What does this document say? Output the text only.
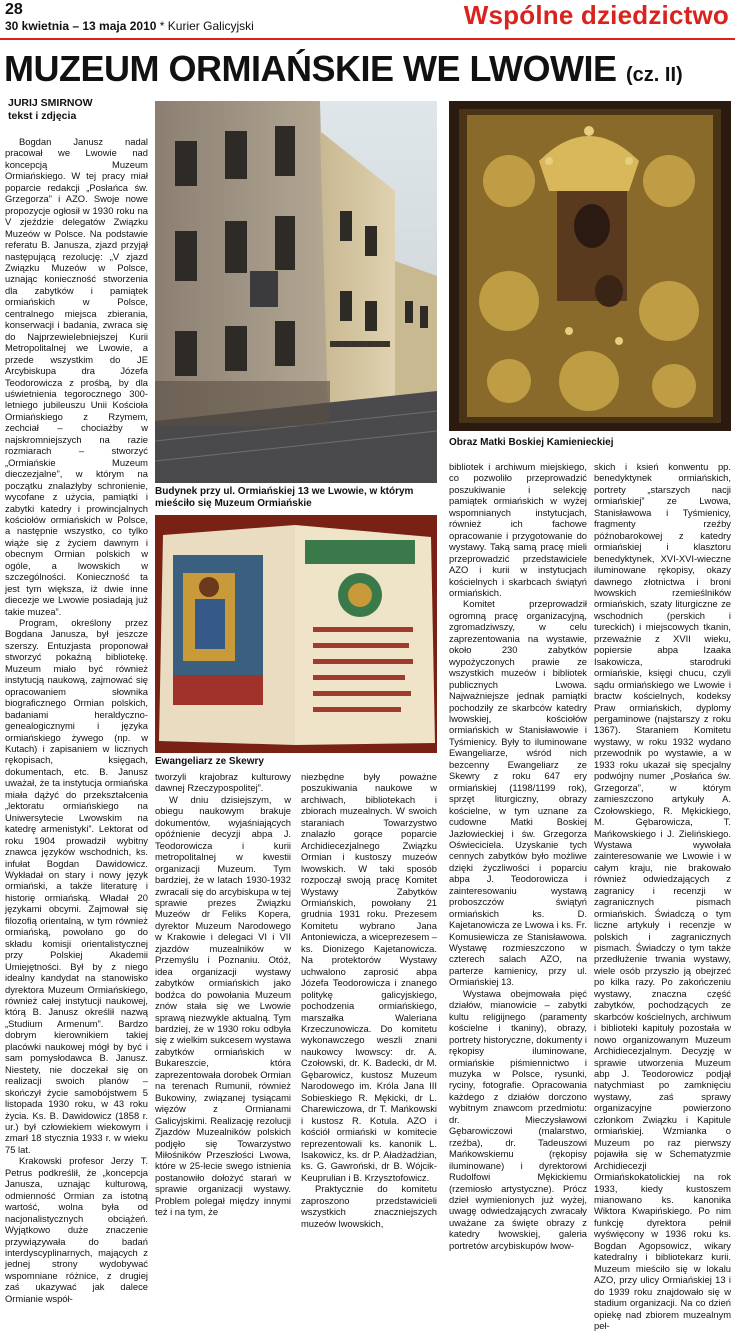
28
30 kwietnia – 13 maja 2010 * Kurier Galicyjski	Wspólne dziedzictwo
MUZEUM ORMIAŃSKIE WE LWOWIE (cz. II)
JURIJ SMIRNOW
tekst i zdjęcia

Bogdan Janusz nadal pracował we Lwowie nad koncepcją Muzeum Ormiańskiego. W tej pracy miał poparcie redakcji „Posłańca św. Grzegorza” i AZO. Swoje nowe propozycje ogłosił w 1930 roku na V zjeździe delegatów Związku Muzeów w Polsce. Na podstawie referatu B. Janusza, zjazd przyjął następującą rezolucję: „V zjazd Związku Muzeów w Polsce, uznając konieczność stworzenia dla zabytków i pamiątek ormiańskich w Polsce, centralnego miejsca zbierania, konserwacji i badania, zwraca się do Najprzewielebniejszej Kurii Metropolitalnej we Lwowie, a przede wszystkim do JE Arcybiskupa dra Józefa Teodorowicza z prośbą, by dla uświetnienia tegorocznego 300-letniego jubileuszu Unii Kościoła Ormiańskiego z Rzymem, zechciał – chociażby w najskromniejszych na razie rozmiarach – stworzyć „Ormiańskie Muzeum dieczezjalne”, w którym na początku znalazłyby schronienie, wycofane z użycia, pamiątki i zabytki katedry i prowincjalnych kościołów ormiańskich w Polsce, a następnie wszystko, co tylko wiąże się z życiem dawnym i obecnym Ormian polskich w ogóle, a lwowskich w szczególności. Konieczność ta jest tym większa, iż dwie inne diecezje we Lwowie posiadają już takie muzea”.

Program, określony przez Bogdana Janusza, był jeszcze szerszy. Entuzjasta proponował stworzyć pokaźną bibliotekę. Muzeum miało być również instytucją naukową, zajmować się opracowaniem słownika biograficznego Ormian polskich, badaniami heraldyczno-genealogicznymi i języka ormiańskiego żywego (np. w Kutach) i zapisaniem w licznych rękopisach, księgach, dokumentach, etc. B. Janusz uważał, że ta instytucja ormiańska miała dążyć do przekształcenia „lektoratu ormiańskiego na Uniwersytecie Lwowskim na katedrę armenistyki”. Lektorat od roku 1904 prowadził wybitny znawca języków wschodnich, ks. infułat Bogdan Dawidowicz. Wykładał on stary i nowy język ormiański, a także literaturę i historię ormiańską. Władał 20 językami obcymi. Zajmował się filozofią orientalną, w tym również ormiańską, powołano go do składu komisji orientalistycznej przy Polskiej Akademii Umiejętności. Był by z niego idealny kandydat na stanowisko dyrektora Muzeum Ormiańskiego, również całej instytucji naukowej, którą B. Janusz określił nazwą „Studium Armenum”. Bardzo dobrym kierownikiem takiej placówki naukowej mógł by być i sam pomysłodawca B. Janusz. Niestety, nie doczekał się on realizacji swoich planów – skończył życie samobójstwem 5 listopada 1930 roku, w 43 roku życia. Ks. B. Dawidowicz (1858 r. ur.) był człowiekiem wiekowym i zmarł 18 stycznia 1933 r. w wieku 75 lat.

Krakowski profesor Jerzy T. Petrus podkreślił, że „koncepcja Janusza, uznając kulturową, odmienność Ormian za istotną wartość, wolna była od nacjonalistycznych obciążeń. Wyjątkowo duże znaczenie przywiązywała do badań interdyscyplinarnych, mających z jednej strony wydobywać wspomniane różnice, z drugiej zaś ukazywać jak dalece Ormianie współ-

Budynek przy ul. Ormiańskiej 13 we Lwowie, w którym mieściło się Muzeum Ormiańskie
Ewangeliarz ze Skewry
Obraz Matki Boskiej Kamienieckiej

tworzyli krajobraz kulturowy dawnej Rzeczypospolitej”.

W dniu dzisiejszym, w obiegu naukowym brakuje dokumentów, wyjaśniających opóźnienie decyzji abpa J. Teodorowicza i kurii metropolitalnej w kwestii organizacji Muzeum. Tym bardziej, że w latach 1930-1932 zwracali się do arcybiskupa w tej sprawie prezes Związku Muzeów dr Feliks Kopera, dyrektor Muzeum Narodowego w Krakowie i delegaci VI i VII zjazdów muzealników w Przemyślu i Poznaniu. Otóż, idea organizacji wystawy zabytków ormiańskich jako bodźca do powołania Muzeum znów stała się we Lwowie sprawą niezwykle aktualną. Tym bardziej, że w 1930 roku odbyła się z wielkim sukcesem wystawa zabytków ormiańskich w Bukareszcie, która zaprezentowała dorobek Ormian na terenach Rumunii, również Bukowiny, związanej tysiącami więzów z Ormianami Galicyjskimi. Realizację rezolucji Zjazdów Muzealników polskich podjęło się Towarzystwo Miłośników Przeszłości Lwowa, które w 25-lecie swego istnienia postanowiło dołożyć starań w sprawie organizacji wystawy. Problem polegał między innymi też i na tym, że

niezbędne były poważne poszukiwania naukowe w archiwach, bibliotekach i zbiorach muzealnych. W swoich staraniach Towarzystwo znalazło gorące poparcie Archidiecezjalnego Związku Ormian i kustoszy muzeów lwowskich. W taki sposób rozpoczął swoją pracę Komitet Wystawy Zabytków Ormiańskich, powołany 21 grudnia 1931 roku. Prezesem Komitetu wybrano Jana Antoniewicza, a wiceprezesem – ks. Dionizego Kajetanowicza. Na protektorów Wystawy uchwalono zaprosić abpa Józefa Teodorowicza i znanego politykę galicyjskiego, pochodzenia ormiańskiego, marszałka Waleriana Krzeczunowicza. Do komitetu wykonawczego weszli znani naukowcy lwowscy: dr. A. Czołowski, dr. K. Badecki, dr M. Gębarowicz, kustosz Muzeum Narodowego im. Króla Jana III Sobieskiego R. Mękicki, dr L. Charewiczowa, dr T. Mańkowski i kustosz R. Kotula. AZO i kościół ormiański w komitecie reprezentowali ks. kanonik L. Isakowicz, ks. dr P. Aładżadżian, ks. G. Gawroński, dr B. Wójcik-Keuprulian i B. Krzysztofowicz.

Praktycznie do komitetu zaproszono przedstawicieli wszystkich znaczniejszych muzeów lwowskich,

bibliotek i archiwum miejskiego, co pozwoliło przeprowadzić poszukiwanie i selekcję pamiątek ormiańskich w wyżej wspomnianych instytucjach, również ich fachowe opracowanie i przygotowanie do wystawy. Taką samą pracę mieli przeprowadzić przedstawiciele AZO i kurii w instytucjach kościelnych i skarbcach świątyń ormiańskich.

Komitet przeprowadził ogromną pracę organizacyjną, zgromadziwszy, w celu zaprezentowania na wystawie, około 230 zabytków wypożyczonych prawie ze wszystkich muzeów i bibliotek publicznych Lwowa. Najważniejsze jednak pamiątki pochodziły ze skarbców katedry lwowskiej, kościołów ormiańskich w Stanisławowie i Tyśmienicy. Były to iluminowane Ewangeliarze, wśród nich bezcenny Ewangeliarz ze Skewry z roku 647 ery ormiańskiej (1198/1199 rok), sprzęt liturgiczny, obrazy kościelne, w tym uznane za cudowne Matki Boskiej Jazłowieckiej i św. Grzegorza Oświeciciela. Uzyskanie tych cennych zabytków było możliwe dzięki życzliwości i poparciu abpa J. Teodorowicza i zainteresowaniu wystawą proboszczów świątyń ormiańskich ks. D. Kajetanowicza ze Lwowa i ks. Fr. Komusiewicza ze Stanisławowa. Wystawę rozmieszczono w czterech salach AZO, na parterze kamienicy, przy ul. Ormiańskiej 13.

Wystawa obejmowała pięć działów, mianowicie – zabytki kultu religijnego (paramenty kościelne i tkaniny), obrazy, portrety historyczne, dokumenty i rękopisy iluminowane, ormiańskie piśmiennictwo i muzyka w Polsce, rysunki, ryciny, fotografie. Opracowania każdego z działów dorczono wybitnym znawcom przedmiotu: dr. Mieczysławowi Gębarowiczowi (malarstwo, rzeźba), dr. Tadeuszowi Mańkowskiemu (rękopisy iluminowane) i dyrektorowi Rudolfowi Mękickiemu (rzemiosło artystyczne). Prócz dzieł wymienionych już wyżej, uwagę odwiedzających zwracały uważane za święte obrazy z katedry lwowskiej, galeria portretów arcybiskupów lwow-

skich i ksień konwentu pp. benedyktynek ormiańskich, portrety „starszych nacji ormiańskiej” ze Lwowa, Stanisławowa i Tyśmienicy, fragmenty rzeźby późnobarokowej z katedry ormiańskiej i klasztoru benedyktynek, XVI-XVI-wieczne iluminowane rękopisy, okazy dawnego złotnictwa i broni lwowskich rzemieślników ormiańskich, szaty liturgiczne ze wschodnich (perskich i tureckich) i miejscowych tkanin, przeważnie z XVII wieku, popiersie abpa Izaaka Isakowicza, starodruki ormiańskie, księgi chucu, czyli sądu ormiańskiego we Lwowie i bractw kościelnych, kodeksy Praw ormiańskich, dyplomy pergaminowe (najstarszy z roku 1367). Staraniem Komitetu wystawy, w roku 1932 wydano przewodnik po wystawie, a w 1933 roku ukazał się specjalny podwójny numer „Posłańca św. Grzegorza”, w którym zamieszczono artykuły A. Czołowskiego, R. Mękickiego, M. Gębarowicza, T. Mańkowskiego i J. Zielińskiego. Wystawa wywołała zainteresowanie we Lwowie i w całym kraju, nie brakowało również odwiedzających z zagranicy i recenzji w zagranicznych pismach ormiańskich. Świadczą o tym liczne artykuły i recenzje w polskich i zagranicznych pismach. Świadczy o tym także przedłużenie trwania wystawy, wiele osób przyszło ją obejrzeć po kilka razy. Po zakończeniu wystawy, znaczna część zabytków, pochodzących ze skarbców kościelnych, archiwum i biblioteki kapituły pozostała w nowo organizowanym Muzeum Archidiecezjalnym. Decyzję w sprawie utworzenia Muzeum abp J. Teodorowicz podjął natychmiast po zamknięciu wystawy, zaś sprawy organizacyjne powierzono członkom Związku i Kapitule ormiańskiej. Wzmianka o Muzeum po raz pierwszy pojawiła się w Schematyzmie Archidiecezji Ormiańskokatolickiej na rok 1933, kiedy kustoszem mianowano ks. kanonika Wiktora Kwapińskiego. Po nim funkcję dyrektora pełnił wyświęcony w 1936 roku ks. Bogdan Agopsowicz, wikary katedralny i bibliotekarz kurii. Muzeum mieściło się w lokalu AZO, przy ulicy Ormiańskiej 13 i do 1939 roku znajdowało się w stadium organizacji. Na co dzień opiekę nad zbiorem muzealnym peł-
